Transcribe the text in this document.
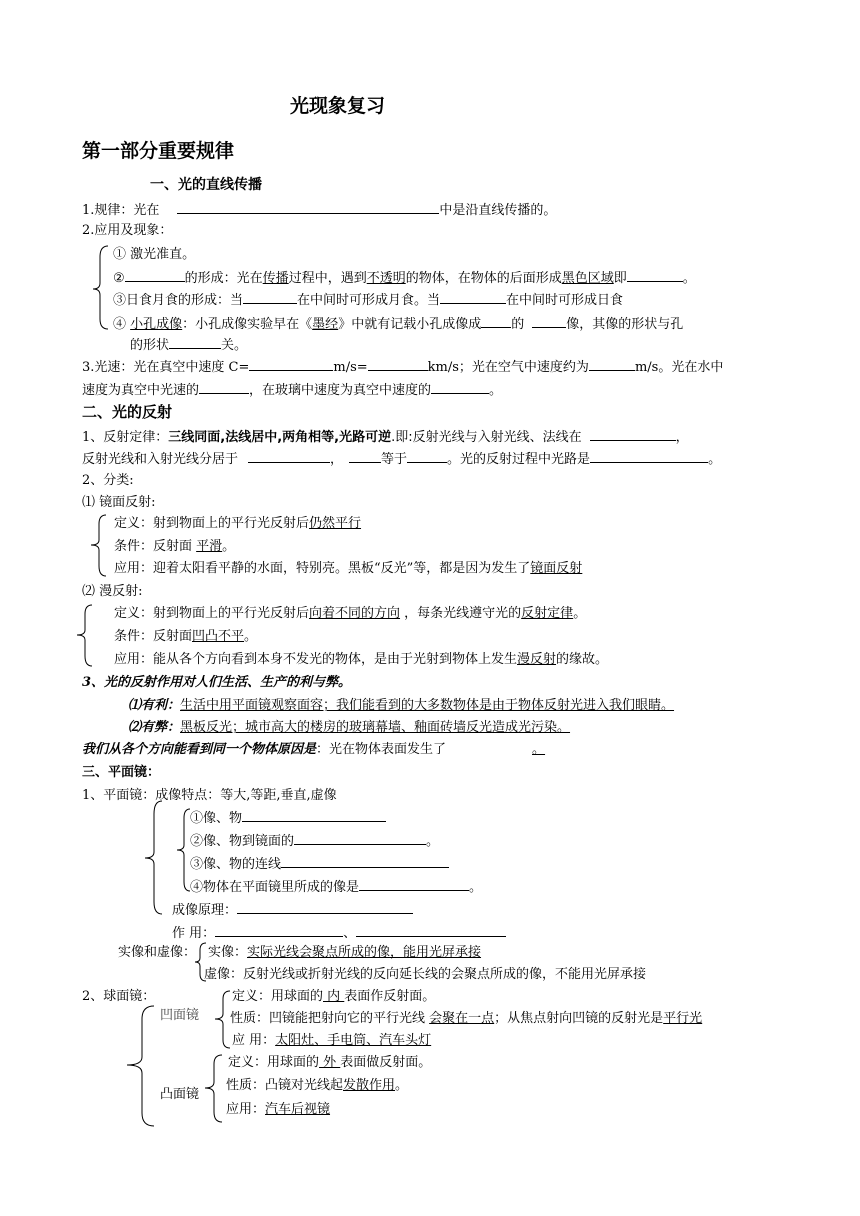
光现象复习
第一部分重要规律
一、光的直线传播
1.规律：光在	中是沿直线传播的。
2.应用及现象：
① 激光准直。
②	的形成：光在传播过程中，遇到不透明的物体，在物体的后面形成黑色区域即	。
③日食月食的形成：当	在中间时可形成月食。当	在中间时可形成日食
④ 小孔成像：小孔成像实验早在《墨经》中就有记载小孔成像成 的	像，其像的形状与孔
的形状	关。
3.光速：光在真空中速度 C=	m/s=	km/s；光在空气中速度约为	m/s。光在水中
速度为真空中光速的	，在玻璃中速度为真空中速度的	。
二、光的反射
1、反射定律：三线同面,法线居中,两角相等,光路可逆.即:反射光线与入射光线、法线在	，
反射光线和入射光线分居于	，	等于	。光的反射过程中光路是	。
2、分类:
⑴ 镜面反射:
定义：射到物面上的平行光反射后仍然平行
条件：反射面 平滑。
应用：迎着太阳看平静的水面，特别亮。黑板“反光”等，都是因为发生了镜面反射
⑵ 漫反射:
定义：射到物面上的平行光反射后向着不同的方向 ，每条光线遵守光的反射定律。
条件：反射面凹凸不平。
应用：能从各个方向看到本身不发光的物体，是由于光射到物体上发生漫反射的缘故。
3、光的反射作用对人们生活、生产的利与弊。
⑴有利：生活中用平面镜观察面容；我们能看到的大多数物体是由于物体反射光进入我们眼睛。
⑵有弊：黑板反光；城市高大的楼房的玻璃幕墙、釉面砖墙反光造成光污染。
我们从各个方向能看到同一个物体原因是：光在物体表面发生了	。
三、平面镜：
1、平面镜：成像特点：等大,等距,垂直,虚像
①像、物
②像、物到镜面的	。
③像、物的连线
④物体在平面镜里所成的像是	。
成像原理：
作 用：	、
实像和虚像： 实像：实际光线会聚点所成的像，能用光屏承接
虚像：反射光线或折射光线的反向延长线的会聚点所成的像，不能用光屏承接
2、球面镜：
凹面镜
定义：用球面的 内 表面作反射面。
性质：凹镜能把射向它的平行光线 会聚在一点；从焦点射向凹镜的反射光是平行光
应 用：太阳灶、手电筒、汽车头灯
凸面镜
定义：用球面的 外 表面做反射面。
性质：凸镜对光线起发散作用。
应用：汽车后视镜
